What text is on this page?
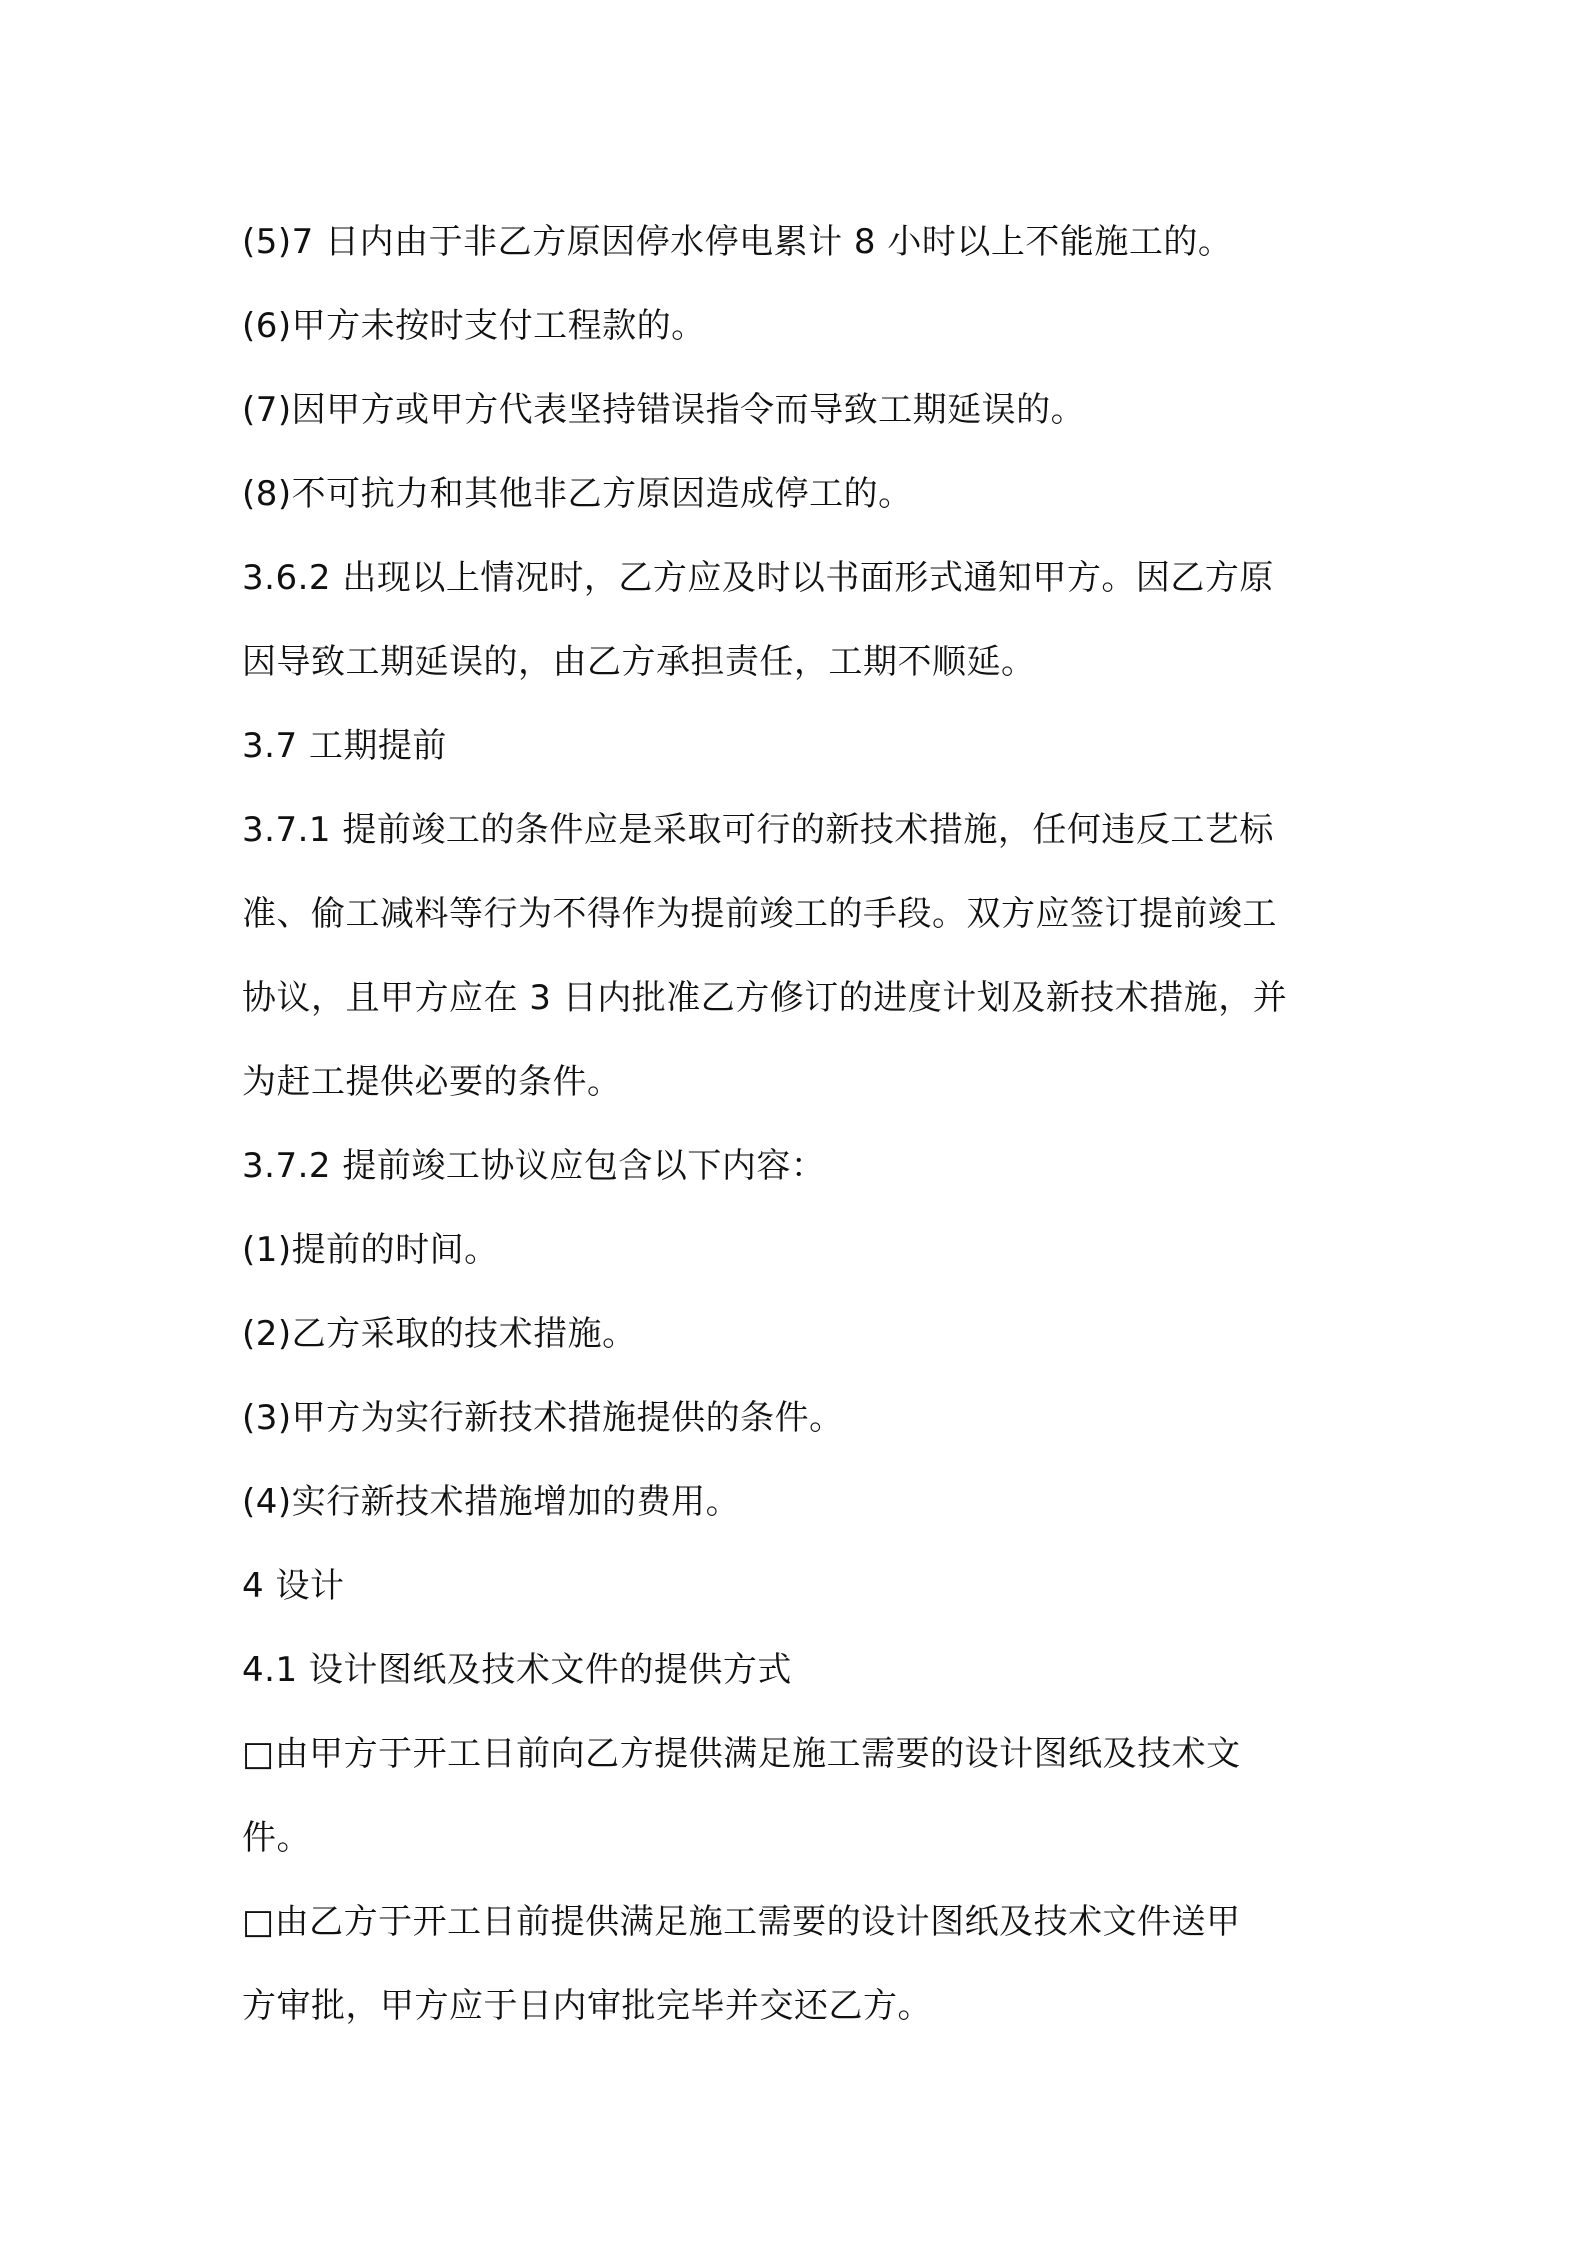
(5)7 日内由于非乙方原因停水停电累计 8 小时以上不能施工的。
(6)甲方未按时支付工程款的。
(7)因甲方或甲方代表坚持错误指令而导致工期延误的。
(8)不可抗力和其他非乙方原因造成停工的。
3.6.2 出现以上情况时，乙方应及时以书面形式通知甲方。因乙方原
因导致工期延误的，由乙方承担责任，工期不顺延。
3.7 工期提前
3.7.1 提前竣工的条件应是采取可行的新技术措施，任何违反工艺标
准、偷工减料等行为不得作为提前竣工的手段。双方应签订提前竣工
协议，且甲方应在 3 日内批准乙方修订的进度计划及新技术措施，并
为赶工提供必要的条件。
3.7.2 提前竣工协议应包含以下内容：
(1)提前的时间。
(2)乙方采取的技术措施。
(3)甲方为实行新技术措施提供的条件。
(4)实行新技术措施增加的费用。
4 设计
4.1 设计图纸及技术文件的提供方式
□由甲方于开工日前向乙方提供满足施工需要的设计图纸及技术文
件。
□由乙方于开工日前提供满足施工需要的设计图纸及技术文件送甲
方审批，甲方应于日内审批完毕并交还乙方。
